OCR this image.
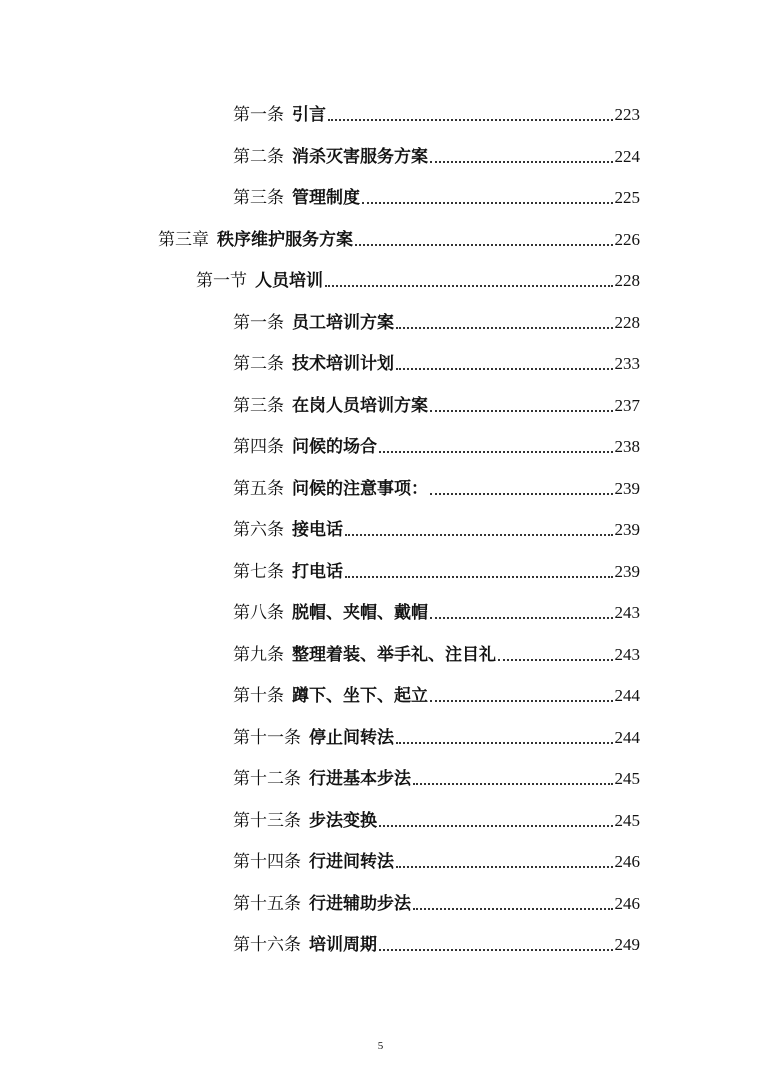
第一条 引言	223
第二条 消杀灭害服务方案	224
第三条 管理制度	225
第三章 秩序维护服务方案	226
第一节 人员培训	228
第一条 员工培训方案	228
第二条 技术培训计划	233
第三条 在岗人员培训方案	237
第四条 问候的场合	238
第五条 问候的注意事项：	239
第六条 接电话	239
第七条 打电话	239
第八条 脱帽、夹帽、戴帽	243
第九条 整理着装、举手礼、注目礼	243
第十条 蹲下、坐下、起立	244
第十一条 停止间转法	244
第十二条 行进基本步法	245
第十三条 步法变换	245
第十四条 行进间转法	246
第十五条 行进辅助步法	246
第十六条 培训周期	249
5
